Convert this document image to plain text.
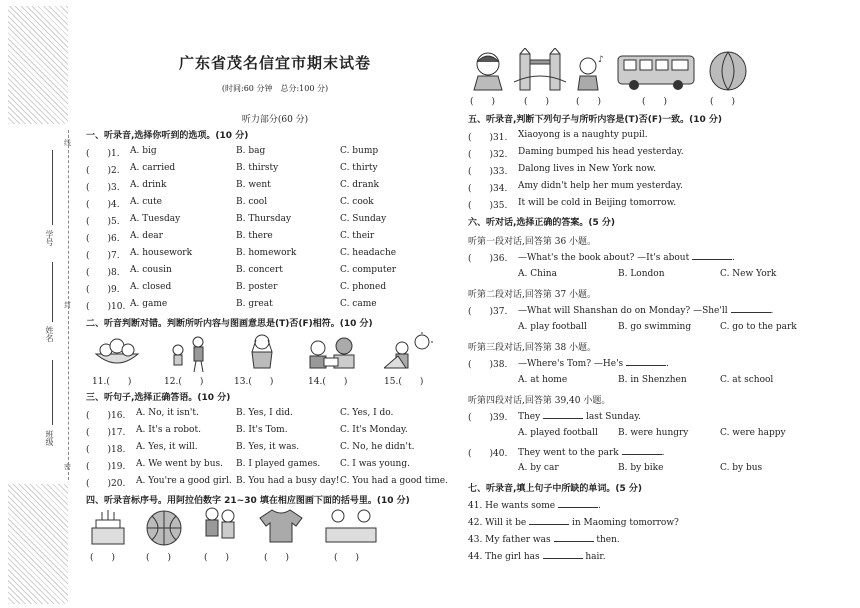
学号
姓名
班级
线
封
密
广东省茂名信宜市期末试卷
(时间:60 分钟　总分:100 分)
听力部分(60 分)
一、听录音,选择你听到的选项。(10 分)
(　　)1. A. big	B. bag	C. bump
(　　)2. A. carried	B. thirsty	C. thirty
(　　)3. A. drink	B. went	C. drank
(　　)4. A. cute	B. cool	C. cook
(　　)5. A. Tuesday	B. Thursday	C. Sunday
(　　)6. A. dear	B. there	C. their
(　　)7. A. housework	B. homework	C. headache
(　　)8. A. cousin	B. concert	C. computer
(　　)9. A. closed	B. poster	C. phoned
(　　)10. A. game	B. great	C. came
二、听音判断对错。判断所听内容与图画意思是(T)否(F)相符。(10 分)
11.(　　)	12.(　　)	13.(　　)	14.(　　)	15.(　　)
三、听句子,选择正确答语。(10 分)
(　　)16. A. No, it isn't.	B. Yes, I did.	C. Yes, I do.
(　　)17. A. It's a robot.	B. It's Tom.	C. It's Monday.
(　　)18. A. Yes, it will.	B. Yes, it was.	C. No, he didn't.
(　　)19. A. We went by bus. B. I played games. C. I was young.
(　　)20. A. You're a good girl. B. You had a busy day! C. You had a good time.
四、听录音标序号。用阿拉伯数字 21~30 填在相应图画下面的括号里。(10 分)
(　　)	(　　)	(　　)	(　　)	(　　)
♪
(　　)	(　　)	(　　)	(　　)	(　　)
五、听录音,判断下列句子与所听内容是(T)否(F)一致。(10 分)
(　　)31. Xiaoyong is a naughty pupil.
(　　)32. Daming bumped his head yesterday.
(　　)33. Dalong lives in New York now.
(　　)34. Amy didn't help her mum yesterday.
(　　)35. It will be cold in Beijing tomorrow.
六、听对话,选择正确的答案。(5 分)
听第一段对话,回答第 36 小题。
(　　)36. —What's the book about? —It's about	.
A. China	B. London	C. New York
听第二段对话,回答第 37 小题。
(　　)37. —What will Shanshan do on Monday? —She'll	.
A. play football	B. go swimming	C. go to the park
听第三段对话,回答第 38 小题。
(　　)38. —Where's Tom? —He's	.
A. at home	B. in Shenzhen	C. at school
听第四段对话,回答第 39,40 小题。
(　　)39. They	last Sunday.
A. played football B. were hungry	C. were happy
(　　)40. They went to the park	.
A. by car	B. by bike	C. by bus
七、听录音,填上句子中所缺的单词。(5 分)
41. He wants some	.
42. Will it be	in Maoming tomorrow?
43. My father was	then.
44. The girl has	hair.
